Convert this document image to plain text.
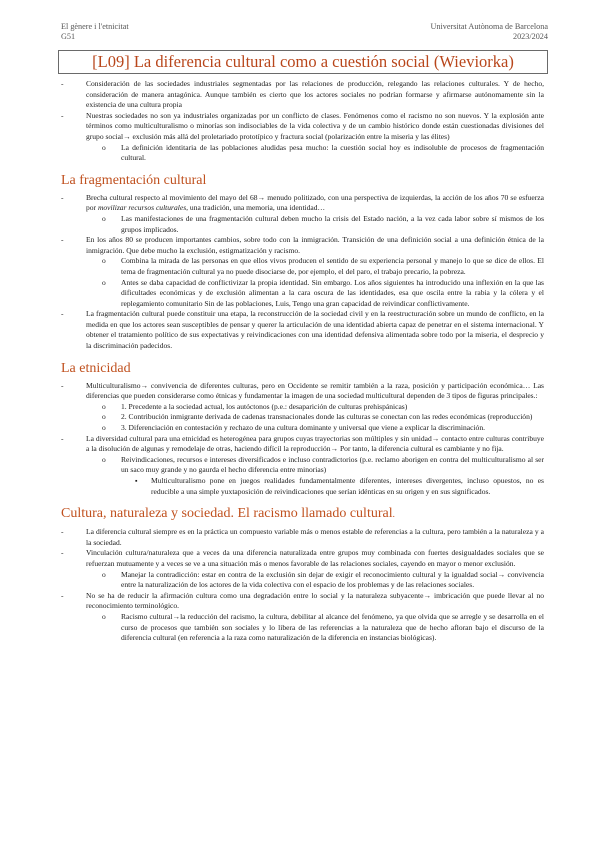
El gènere i l'etnicitat
G51
Universitat Autònoma de Barcelona
2023/2024
[L09] La diferencia cultural como a cuestión social (Wieviorka)
- Consideración de las sociedades industriales segmentadas por las relaciones de producción, relegando las relaciones culturales. Y de hecho, consideración de manera antagónica. Aunque también es cierto que los actores sociales no podrían formarse y afirmarse autónomamente sin la existencia de una cultura propia
- Nuestras sociedades no son ya industriales organizadas por un conflicto de clases. Fenómenos como el racismo no son nuevos. Y la explosión ante términos como multiculturalismo o minorías son indisociables de la vida colectiva y de un cambio histórico donde están cuestionadas divisiones del grupo social→ exclusión más allá del proletariado prototípico y fractura social (polarización entre la miseria y las élites)
o La definición identitaria de las poblaciones aludidas pesa mucho: la cuestión social hoy es indisoluble de procesos de fragmentación cultural.
La fragmentación cultural
- Brecha cultural respecto al movimiento del mayo del 68→ menudo politizado, con una perspectiva de izquierdas, la acción de los años 70 se esfuerza por movilizar recursos culturales, una tradición, una memoria, una identidad…
o Las manifestaciones de una fragmentación cultural deben mucho la crisis del Estado nación, a la vez cada labor sobre sí mismos de los grupos implicados.
- En los años 80 se producen importantes cambios, sobre todo con la inmigración. Transición de una definición social a una definición étnica de la inmigración. Que debe mucho la exclusión, estigmatización y racismo.
o Combina la mirada de las personas en que ellos vivos producen el sentido de su experiencia personal y manejo lo que se dice de ellos. El tema de fragmentación cultural ya no puede disociarse de, por ejemplo, el del paro, el trabajo precario, la pobreza.
o Antes se daba capacidad de conflictivizar la propia identidad. Sin embargo. Los años siguientes ha introducido una inflexión en la que las dificultades económicas y de exclusión alimentan a la cara oscura de las identidades, esa que oscila entre la rabia y la cólera y el replegamiento comunitario Sin de las poblaciones, Luis, Tengo una gran capacidad de reivindicar conflictivamente.
- La fragmentación cultural puede constituir una etapa, la reconstrucción de la sociedad civil y en la reestructuración sobre un mundo de conflicto, en la medida en que los actores sean susceptibles de pensar y querer la articulación de una identidad abierta capaz de penetrar en el sistema internacional. Y obtener el tratamiento político de sus expectativas y reivindicaciones con una identidad defensiva alimentada sobre todo por la miseria, el desprecio y la discriminación padecidos.
La etnicidad
- Multiculturalismo→ convivencia de diferentes culturas, pero en Occidente se remitir también a la raza, posición y participación económica… Las diferencias que pueden considerarse como étnicas y fundamentar la imagen de una sociedad multicultural dependen de 3 tipos de figuras principales.:
o 1. Precedente a la sociedad actual, los autóctonos (p.e.: desaparición de culturas prehispánicas)
o 2. Contribución inmigrante derivada de cadenas transnacionales donde las culturas se conectan con las redes económicas (reproducción)
o 3. Diferenciación en contestación y rechazo de una cultura dominante y universal que viene a explicar la discriminación.
- La diversidad cultural para una etnicidad es heterogénea para grupos cuyas trayectorias son múltiples y sin unidad→ contacto entre culturas contribuye a la disolución de algunas y remodelaje de otras, haciendo difícil la reproducción→ Por tanto, la diferencia cultural es cambiante y no fija.
o Reivindicaciones, recursos e intereses diversificados e incluso contradictorios (p.e. reclamo aborigen en contra del multiculturalismo al ser un saco muy grande y no gaurda el hecho diferencia entre minorias)
▪ Multiculturalismo pone en juegos realidades fundamentalmente diferentes, intereses divergentes, incluso opuestos, no es reducible a una simple yuxtaposición de reivindicaciones que serían idénticas en su origen y en sus significados.
Cultura, naturaleza y sociedad. El racismo llamado cultural.
- La diferencia cultural siempre es en la práctica un compuesto variable más o menos estable de referencias a la cultura, pero también a la naturaleza y a la sociedad.
- Vinculación cultura/naturaleza que a veces da una diferencia naturalizada entre grupos muy combinada con fuertes desigualdades sociales que se refuerzan mutuamente y a veces se ve a una situación más o menos favorable de las relaciones sociales, cayendo en mayor o menor exclusión.
o Manejar la contradicción: estar en contra de la exclusión sin dejar de exigir el reconocimiento cultural y la igualdad social→ convivencia entre la naturalización de los actores de la vida colectiva con el espacio de los problemas y de las relaciones sociales.
- No se ha de reducir la afirmación cultura como una degradación entre lo social y la naturaleza subyacente→ imbricación que puede llevar al no reconocimiento terminológico.
o Racismo cultural→la reducción del racismo, la cultura, debilitar al alcance del fenómeno, ya que olvida que se arregle y se desarrolla en el curso de procesos que también son sociales y lo libera de las referencias a la naturaleza que de hecho afloran bajo el discurso de la diferencia cultural (en referencia a la raza como naturalización de la diferencia en instancias biológicas).
